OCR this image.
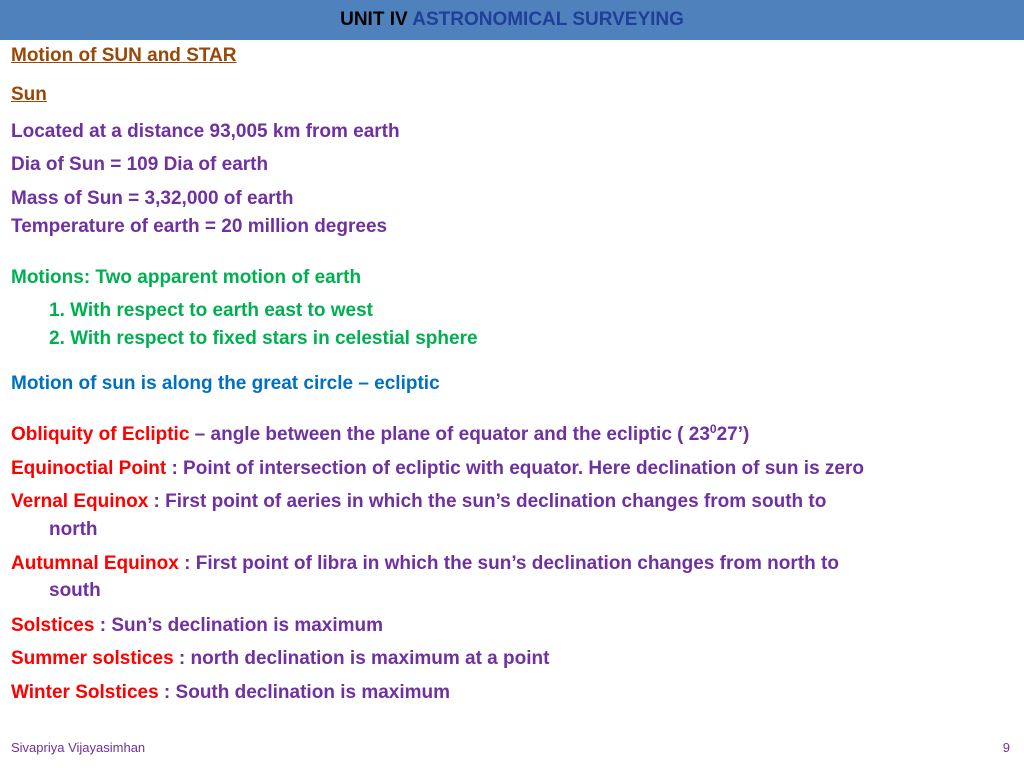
UNIT IV ASTRONOMICAL SURVEYING
Motion of SUN and STAR
Sun
Located at a distance 93,005 km from earth
Dia of Sun = 109 Dia of earth
Mass of Sun = 3,32,000 of earth
Temperature of earth = 20 million degrees
Motions: Two apparent motion of earth
1. With respect to earth east to west
2. With respect to fixed stars in celestial sphere
Motion of sun is along the great circle – ecliptic
Obliquity of Ecliptic – angle between the plane of equator and the ecliptic ( $23^027$’)
Equinoctial Point : Point of intersection of ecliptic with equator. Here declination of sun is zero
Vernal Equinox : First point of aeries in which the sun’s declination changes from south to
north
Autumnal Equinox : First point of libra in which the sun’s declination changes from north to
south
Solstices : Sun’s declination is maximum
Summer solstices : north declination is maximum at a point
Winter Solstices : South declination is maximum
Sivapriya Vijayasimhan	9
